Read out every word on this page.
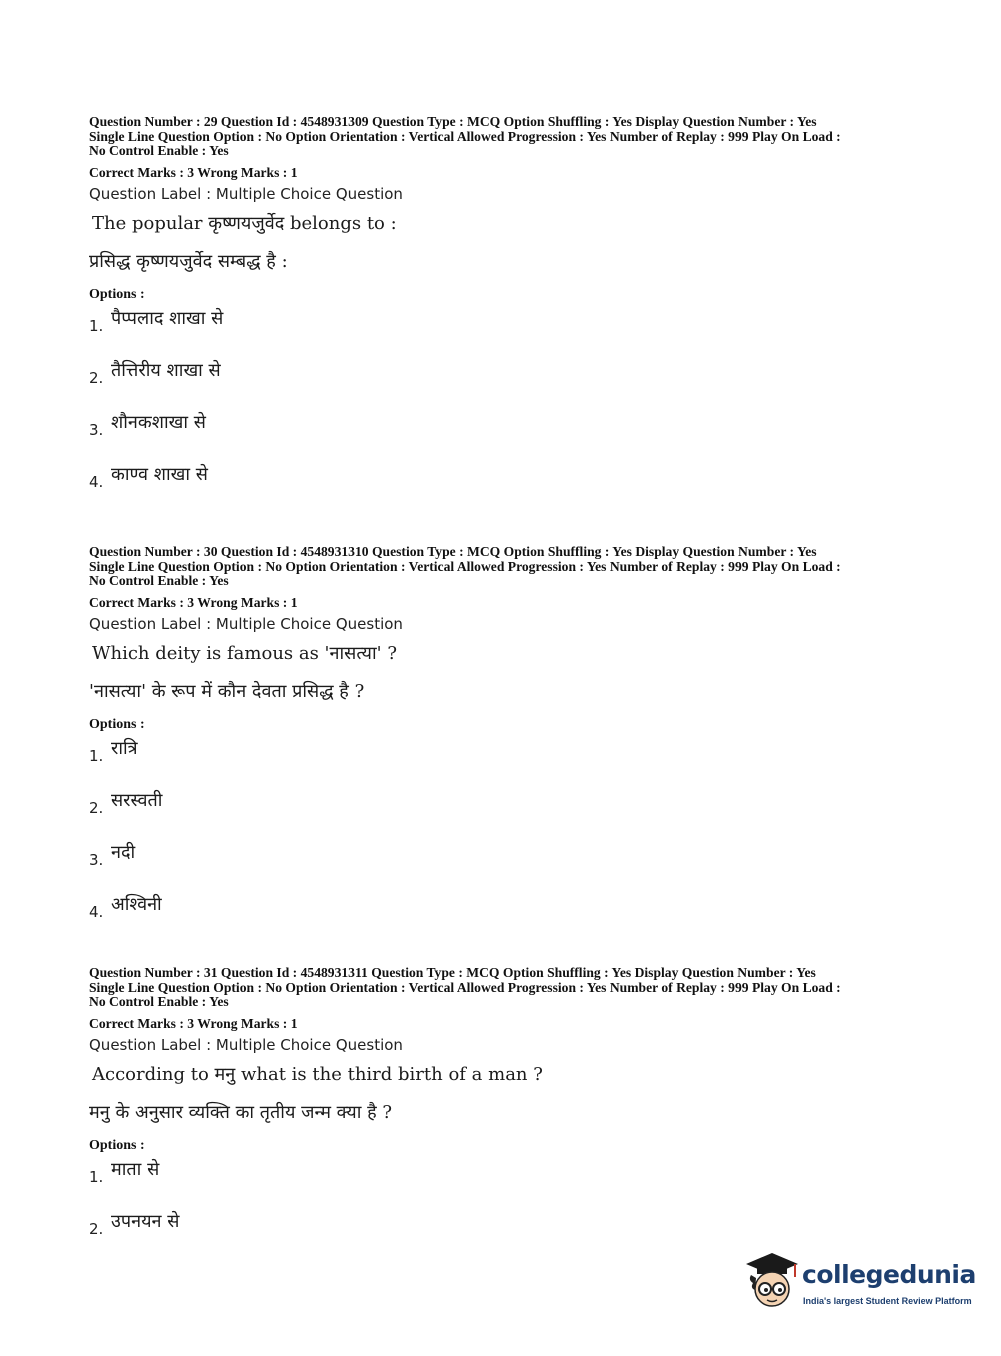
Question Number : 29 Question Id : 4548931309 Question Type : MCQ Option Shuffling : Yes Display Question Number : Yes

Single Line Question Option : No Option Orientation : Vertical Allowed Progression : Yes Number of Replay : 999 Play On Load :

No Control Enable : Yes

Correct Marks : 3 Wrong Marks : 1

Question Label : Multiple Choice Question

The popular कृष्णयजुर्वेद belongs to :

प्रसिद्ध कृष्णयजुर्वेद सम्बद्ध है :

Options :

1. पैप्पलाद शाखा से
2. तैत्तिरीय शाखा से
3. शौनकशाखा से
4. काण्व शाखा से

Question Number : 30 Question Id : 4548931310 Question Type : MCQ Option Shuffling : Yes Display Question Number : Yes

Single Line Question Option : No Option Orientation : Vertical Allowed Progression : Yes Number of Replay : 999 Play On Load :

No Control Enable : Yes

Correct Marks : 3 Wrong Marks : 1

Question Label : Multiple Choice Question

Which deity is famous as 'नासत्या' ?

'नासत्या' के रूप में कौन देवता प्रसिद्ध है ?

Options :

1. रात्रि
2. सरस्वती
3. नदी
4. अश्विनी

Question Number : 31 Question Id : 4548931311 Question Type : MCQ Option Shuffling : Yes Display Question Number : Yes

Single Line Question Option : No Option Orientation : Vertical Allowed Progression : Yes Number of Replay : 999 Play On Load :

No Control Enable : Yes

Correct Marks : 3 Wrong Marks : 1

Question Label : Multiple Choice Question

According to मनु what is the third birth of a man ?

मनु के अनुसार व्यक्ति का तृतीय जन्म क्या है ?

Options :

1. माता से
2. उपनयन से
collegedunia
India's largest Student Review Platform
